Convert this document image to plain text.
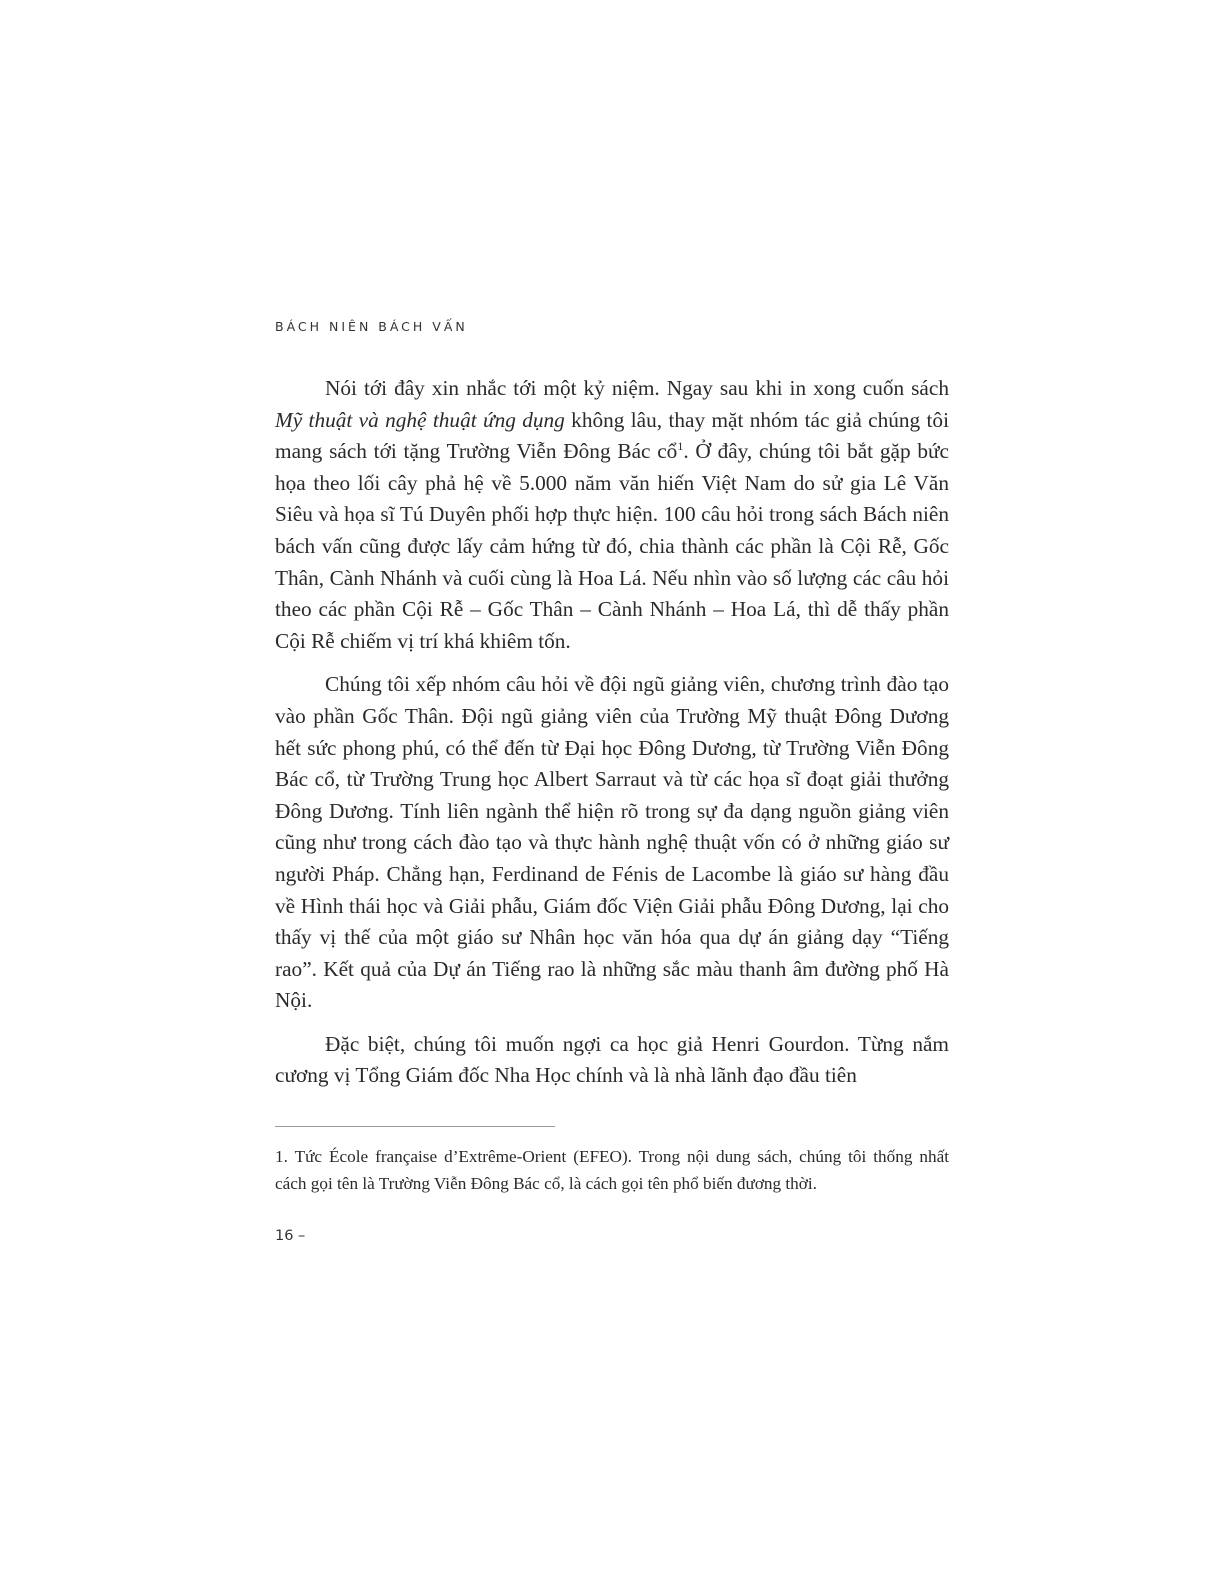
BÁCH NIÊN BÁCH VẤN

Nói tới đây xin nhắc tới một kỷ niệm. Ngay sau khi in xong cuốn sách Mỹ thuật và nghệ thuật ứng dụng không lâu, thay mặt nhóm tác giả chúng tôi mang sách tới tặng Trường Viễn Đông Bác cổ$^1$. Ở đây, chúng tôi bắt gặp bức họa theo lối cây phả hệ về 5.000 năm văn hiến Việt Nam do sử gia Lê Văn Siêu và họa sĩ Tú Duyên phối hợp thực hiện. 100 câu hỏi trong sách Bách niên bách vấn cũng được lấy cảm hứng từ đó, chia thành các phần là Cội Rễ, Gốc Thân, Cành Nhánh và cuối cùng là Hoa Lá. Nếu nhìn vào số lượng các câu hỏi theo các phần Cội Rễ – Gốc Thân – Cành Nhánh – Hoa Lá, thì dễ thấy phần Cội Rễ chiếm vị trí khá khiêm tốn.

Chúng tôi xếp nhóm câu hỏi về đội ngũ giảng viên, chương trình đào tạo vào phần Gốc Thân. Đội ngũ giảng viên của Trường Mỹ thuật Đông Dương hết sức phong phú, có thể đến từ Đại học Đông Dương, từ Trường Viễn Đông Bác cổ, từ Trường Trung học Albert Sarraut và từ các họa sĩ đoạt giải thưởng Đông Dương. Tính liên ngành thể hiện rõ trong sự đa dạng nguồn giảng viên cũng như trong cách đào tạo và thực hành nghệ thuật vốn có ở những giáo sư người Pháp. Chẳng hạn, Ferdinand de Fénis de Lacombe là giáo sư hàng đầu về Hình thái học và Giải phẫu, Giám đốc Viện Giải phẫu Đông Dương, lại cho thấy vị thế của một giáo sư Nhân học văn hóa qua dự án giảng dạy “Tiếng rao”. Kết quả của Dự án Tiếng rao là những sắc màu thanh âm đường phố Hà Nội.

Đặc biệt, chúng tôi muốn ngợi ca học giả Henri Gourdon. Từng nắm cương vị Tổng Giám đốc Nha Học chính và là nhà lãnh đạo đầu tiên

1. Tức École française d’Extrême-Orient (EFEO). Trong nội dung sách, chúng tôi thống nhất cách gọi tên là Trường Viễn Đông Bác cổ, là cách gọi tên phổ biến đương thời.
16 –
